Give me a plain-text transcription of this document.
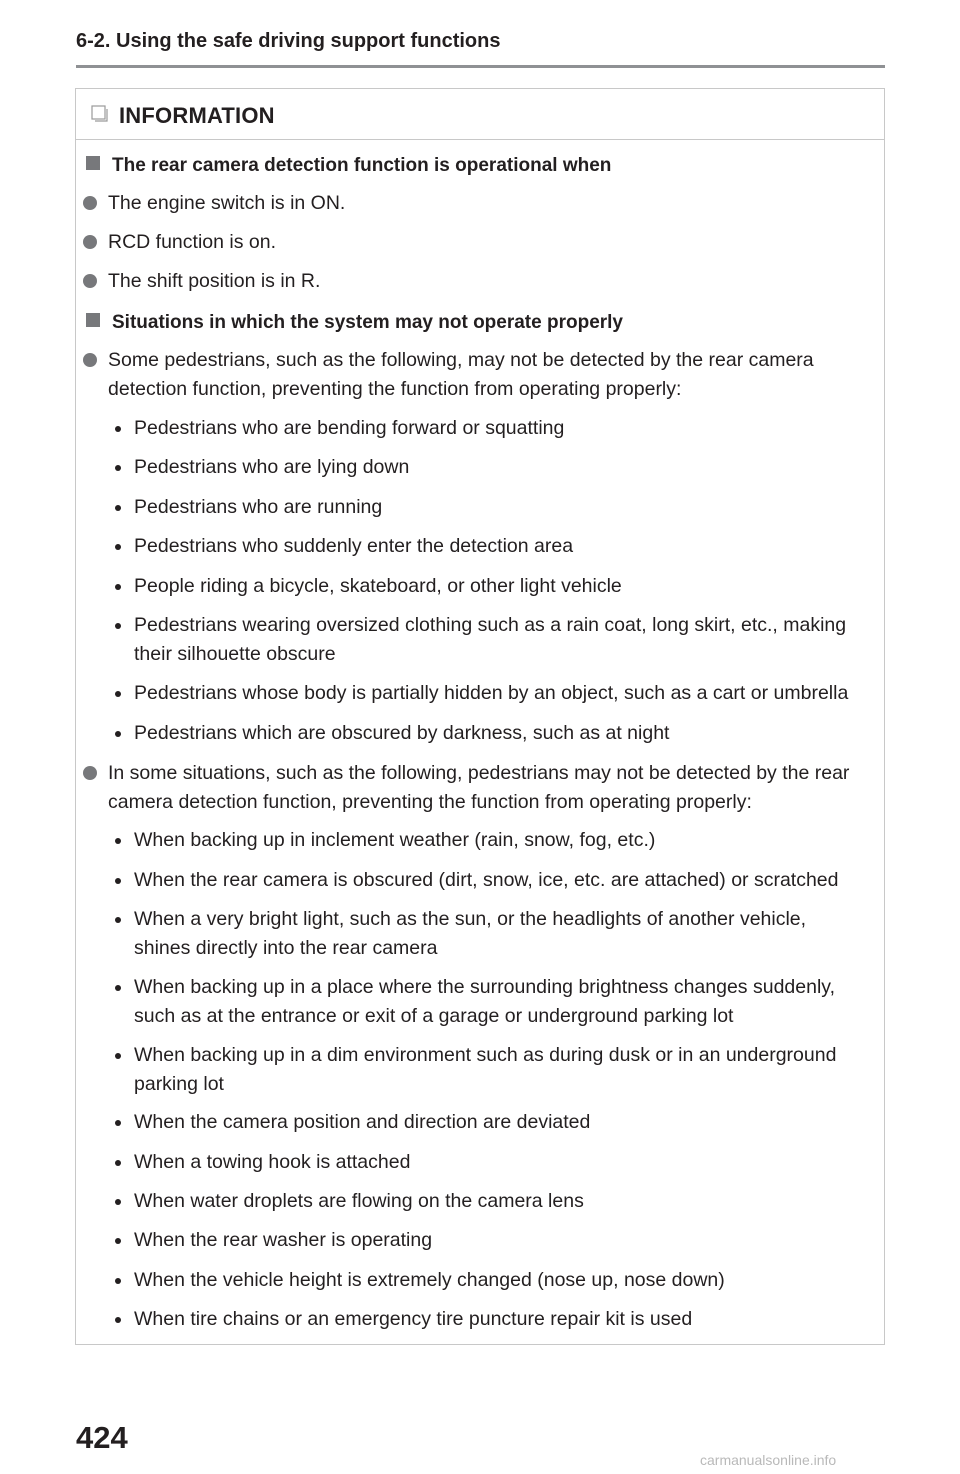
6-2. Using the safe driving support functions
INFORMATION
The rear camera detection function is operational when
The engine switch is in ON.
RCD function is on.
The shift position is in R.
Situations in which the system may not operate properly
Some pedestrians, such as the following, may not be detected by the rear camera
detection function, preventing the function from operating properly:
Pedestrians who are bending forward or squatting
Pedestrians who are lying down
Pedestrians who are running
Pedestrians who suddenly enter the detection area
People riding a bicycle, skateboard, or other light vehicle
Pedestrians wearing oversized clothing such as a rain coat, long skirt, etc., making
their silhouette obscure
Pedestrians whose body is partially hidden by an object, such as a cart or umbrella
Pedestrians which are obscured by darkness, such as at night
In some situations, such as the following, pedestrians may not be detected by the rear
camera detection function, preventing the function from operating properly:
When backing up in inclement weather (rain, snow, fog, etc.)
When the rear camera is obscured (dirt, snow, ice, etc. are attached) or scratched
When a very bright light, such as the sun, or the headlights of another vehicle,
shines directly into the rear camera
When backing up in a place where the surrounding brightness changes suddenly,
such as at the entrance or exit of a garage or underground parking lot
When backing up in a dim environment such as during dusk or in an underground
parking lot
When the camera position and direction are deviated
When a towing hook is attached
When water droplets are flowing on the camera lens
When the rear washer is operating
When the vehicle height is extremely changed (nose up, nose down)
When tire chains or an emergency tire puncture repair kit is used
424
carmanualsonline.info
